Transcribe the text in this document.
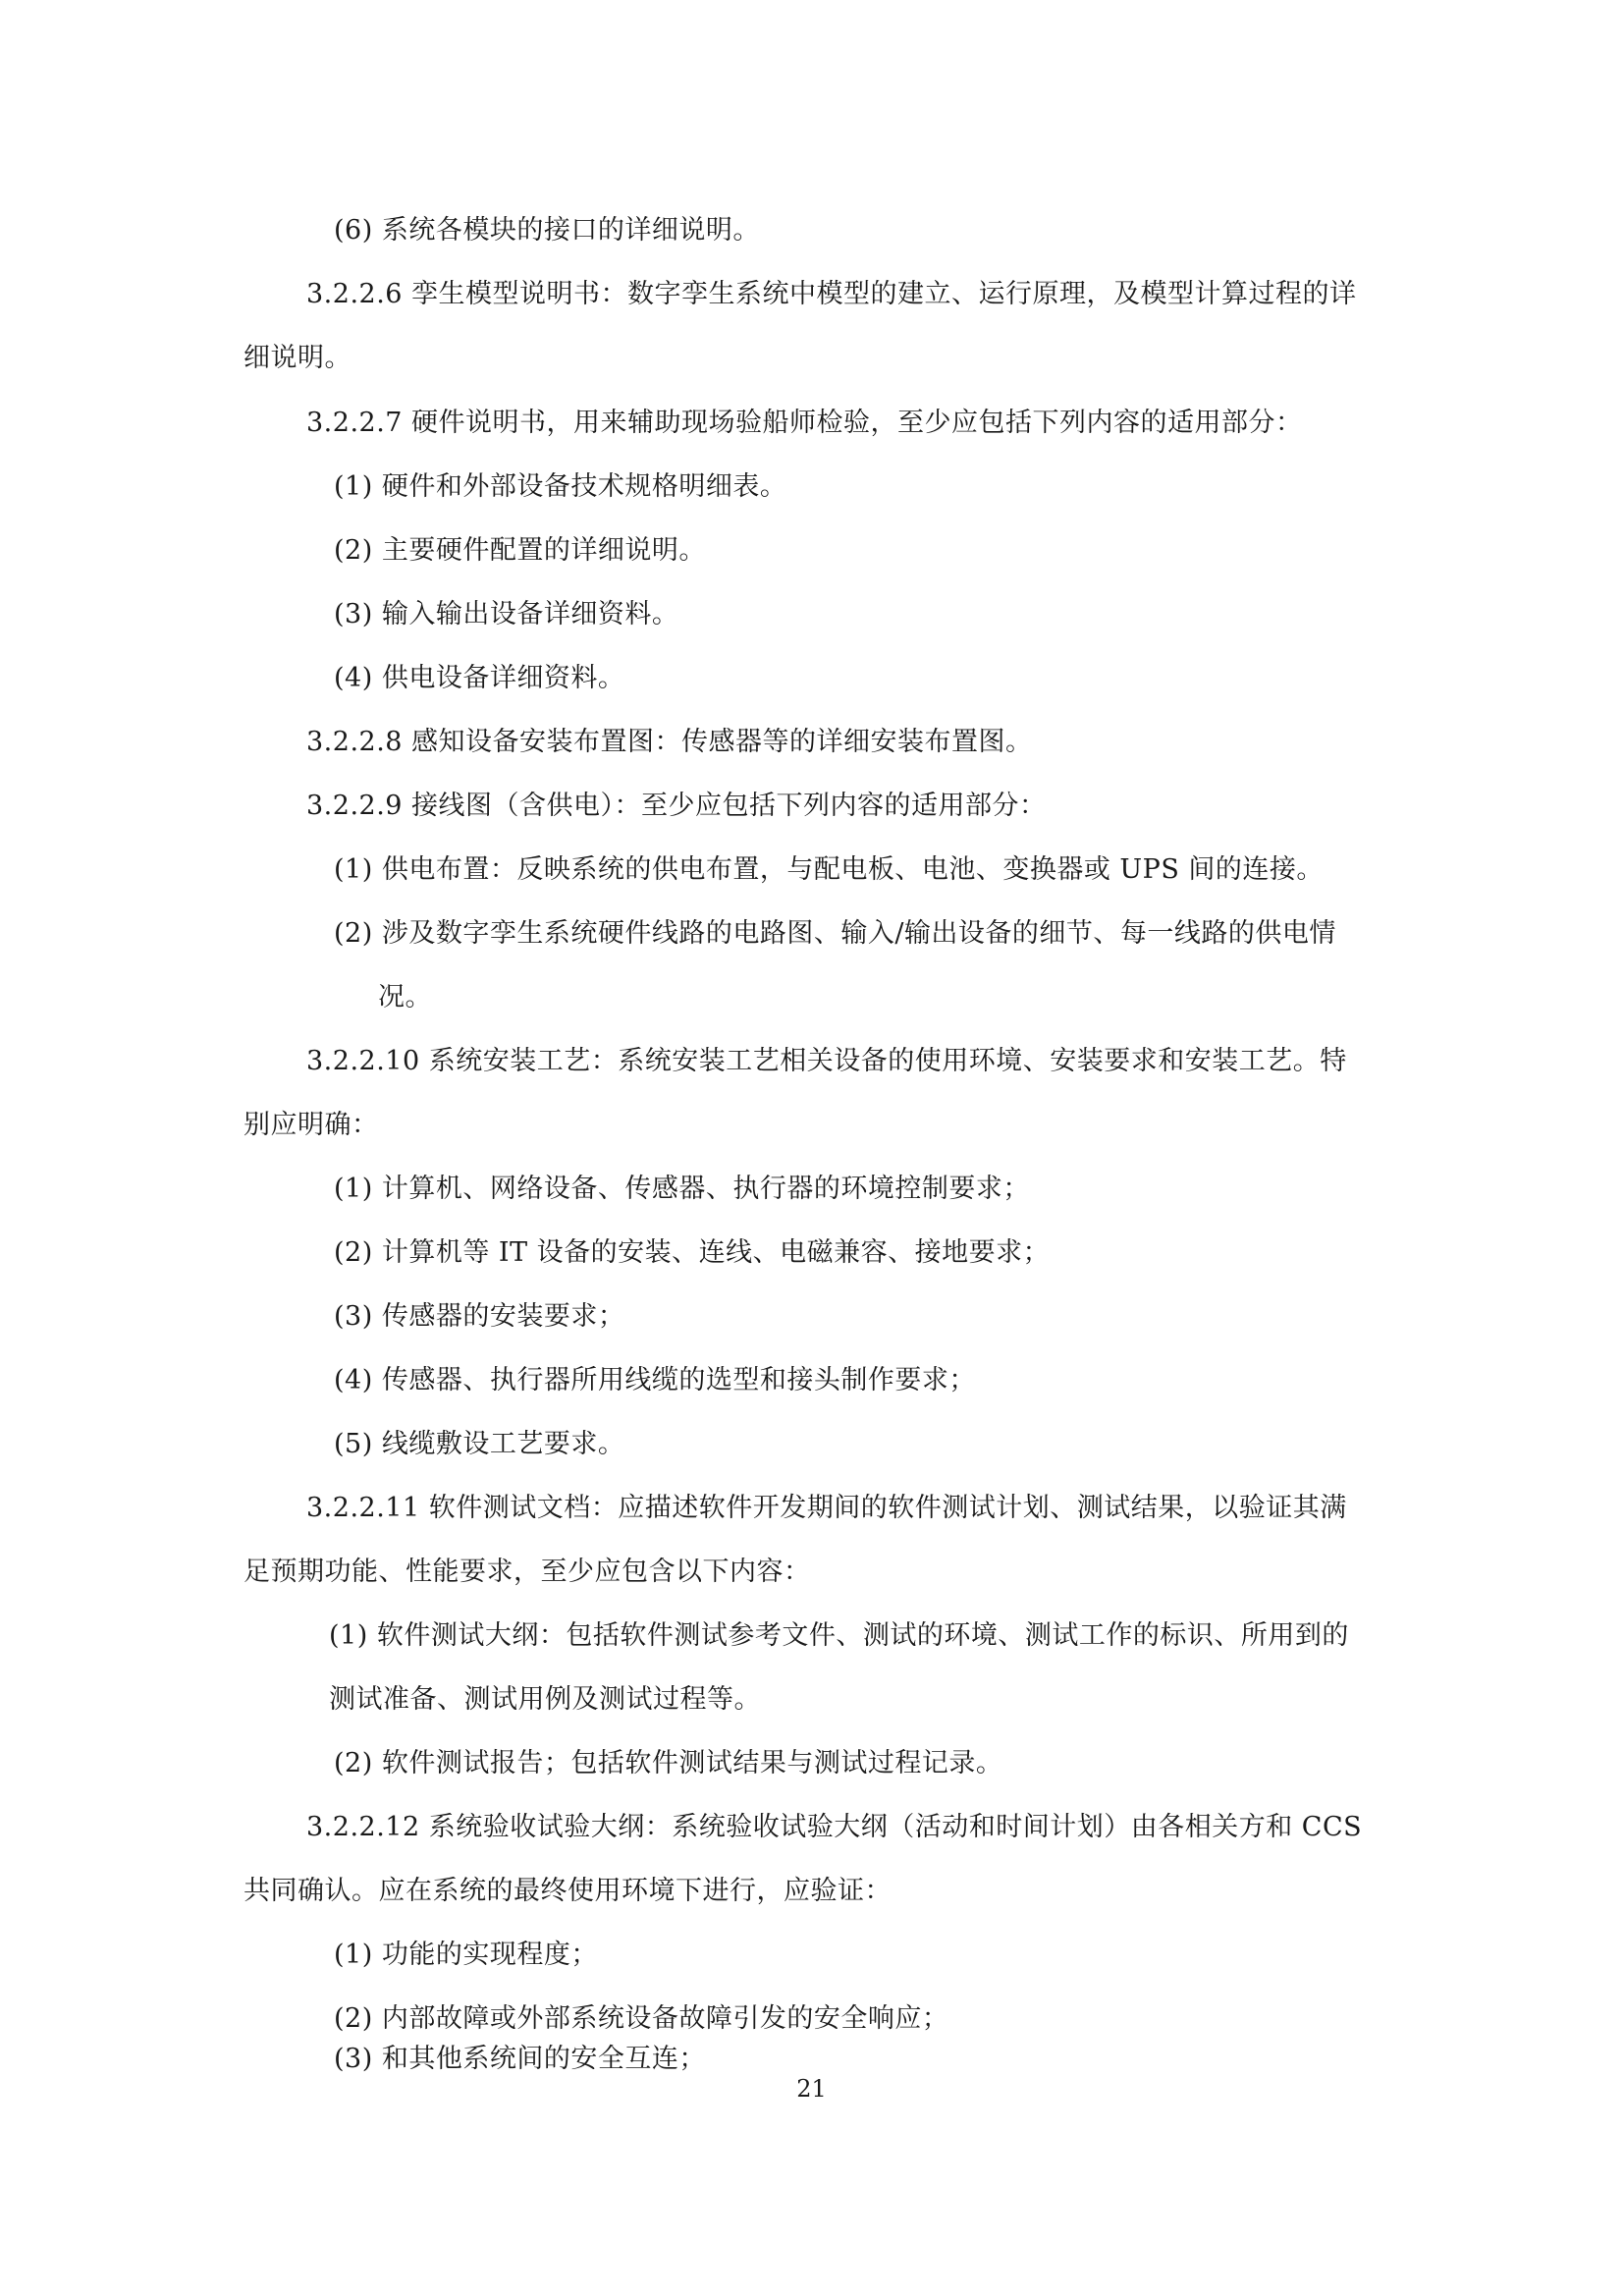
(6) 系统各模块的接口的详细说明。
3.2.2.6 孪生模型说明书：数字孪生系统中模型的建立、运行原理，及模型计算过程的详
细说明。
3.2.2.7 硬件说明书，用来辅助现场验船师检验，至少应包括下列内容的适用部分：
(1) 硬件和外部设备技术规格明细表。
(2) 主要硬件配置的详细说明。
(3) 输入输出设备详细资料。
(4) 供电设备详细资料。
3.2.2.8 感知设备安装布置图：传感器等的详细安装布置图。
3.2.2.9 接线图（含供电）：至少应包括下列内容的适用部分：
(1) 供电布置：反映系统的供电布置，与配电板、电池、变换器或 UPS 间的连接。
(2) 涉及数字孪生系统硬件线路的电路图、输入/输出设备的细节、每一线路的供电情
况。
3.2.2.10 系统安装工艺：系统安装工艺相关设备的使用环境、安装要求和安装工艺。特
别应明确：
(1) 计算机、网络设备、传感器、执行器的环境控制要求；
(2) 计算机等 IT 设备的安装、连线、电磁兼容、接地要求；
(3) 传感器的安装要求；
(4) 传感器、执行器所用线缆的选型和接头制作要求；
(5) 线缆敷设工艺要求。
3.2.2.11 软件测试文档：应描述软件开发期间的软件测试计划、测试结果，以验证其满
足预期功能、性能要求，至少应包含以下内容：
(1) 软件测试大纲：包括软件测试参考文件、测试的环境、测试工作的标识、所用到的
测试准备、测试用例及测试过程等。
(2) 软件测试报告；包括软件测试结果与测试过程记录。
3.2.2.12 系统验收试验大纲：系统验收试验大纲（活动和时间计划）由各相关方和 CCS
共同确认。应在系统的最终使用环境下进行，应验证：
(1) 功能的实现程度；
(2) 内部故障或外部系统设备故障引发的安全响应；
(3) 和其他系统间的安全互连；
21
